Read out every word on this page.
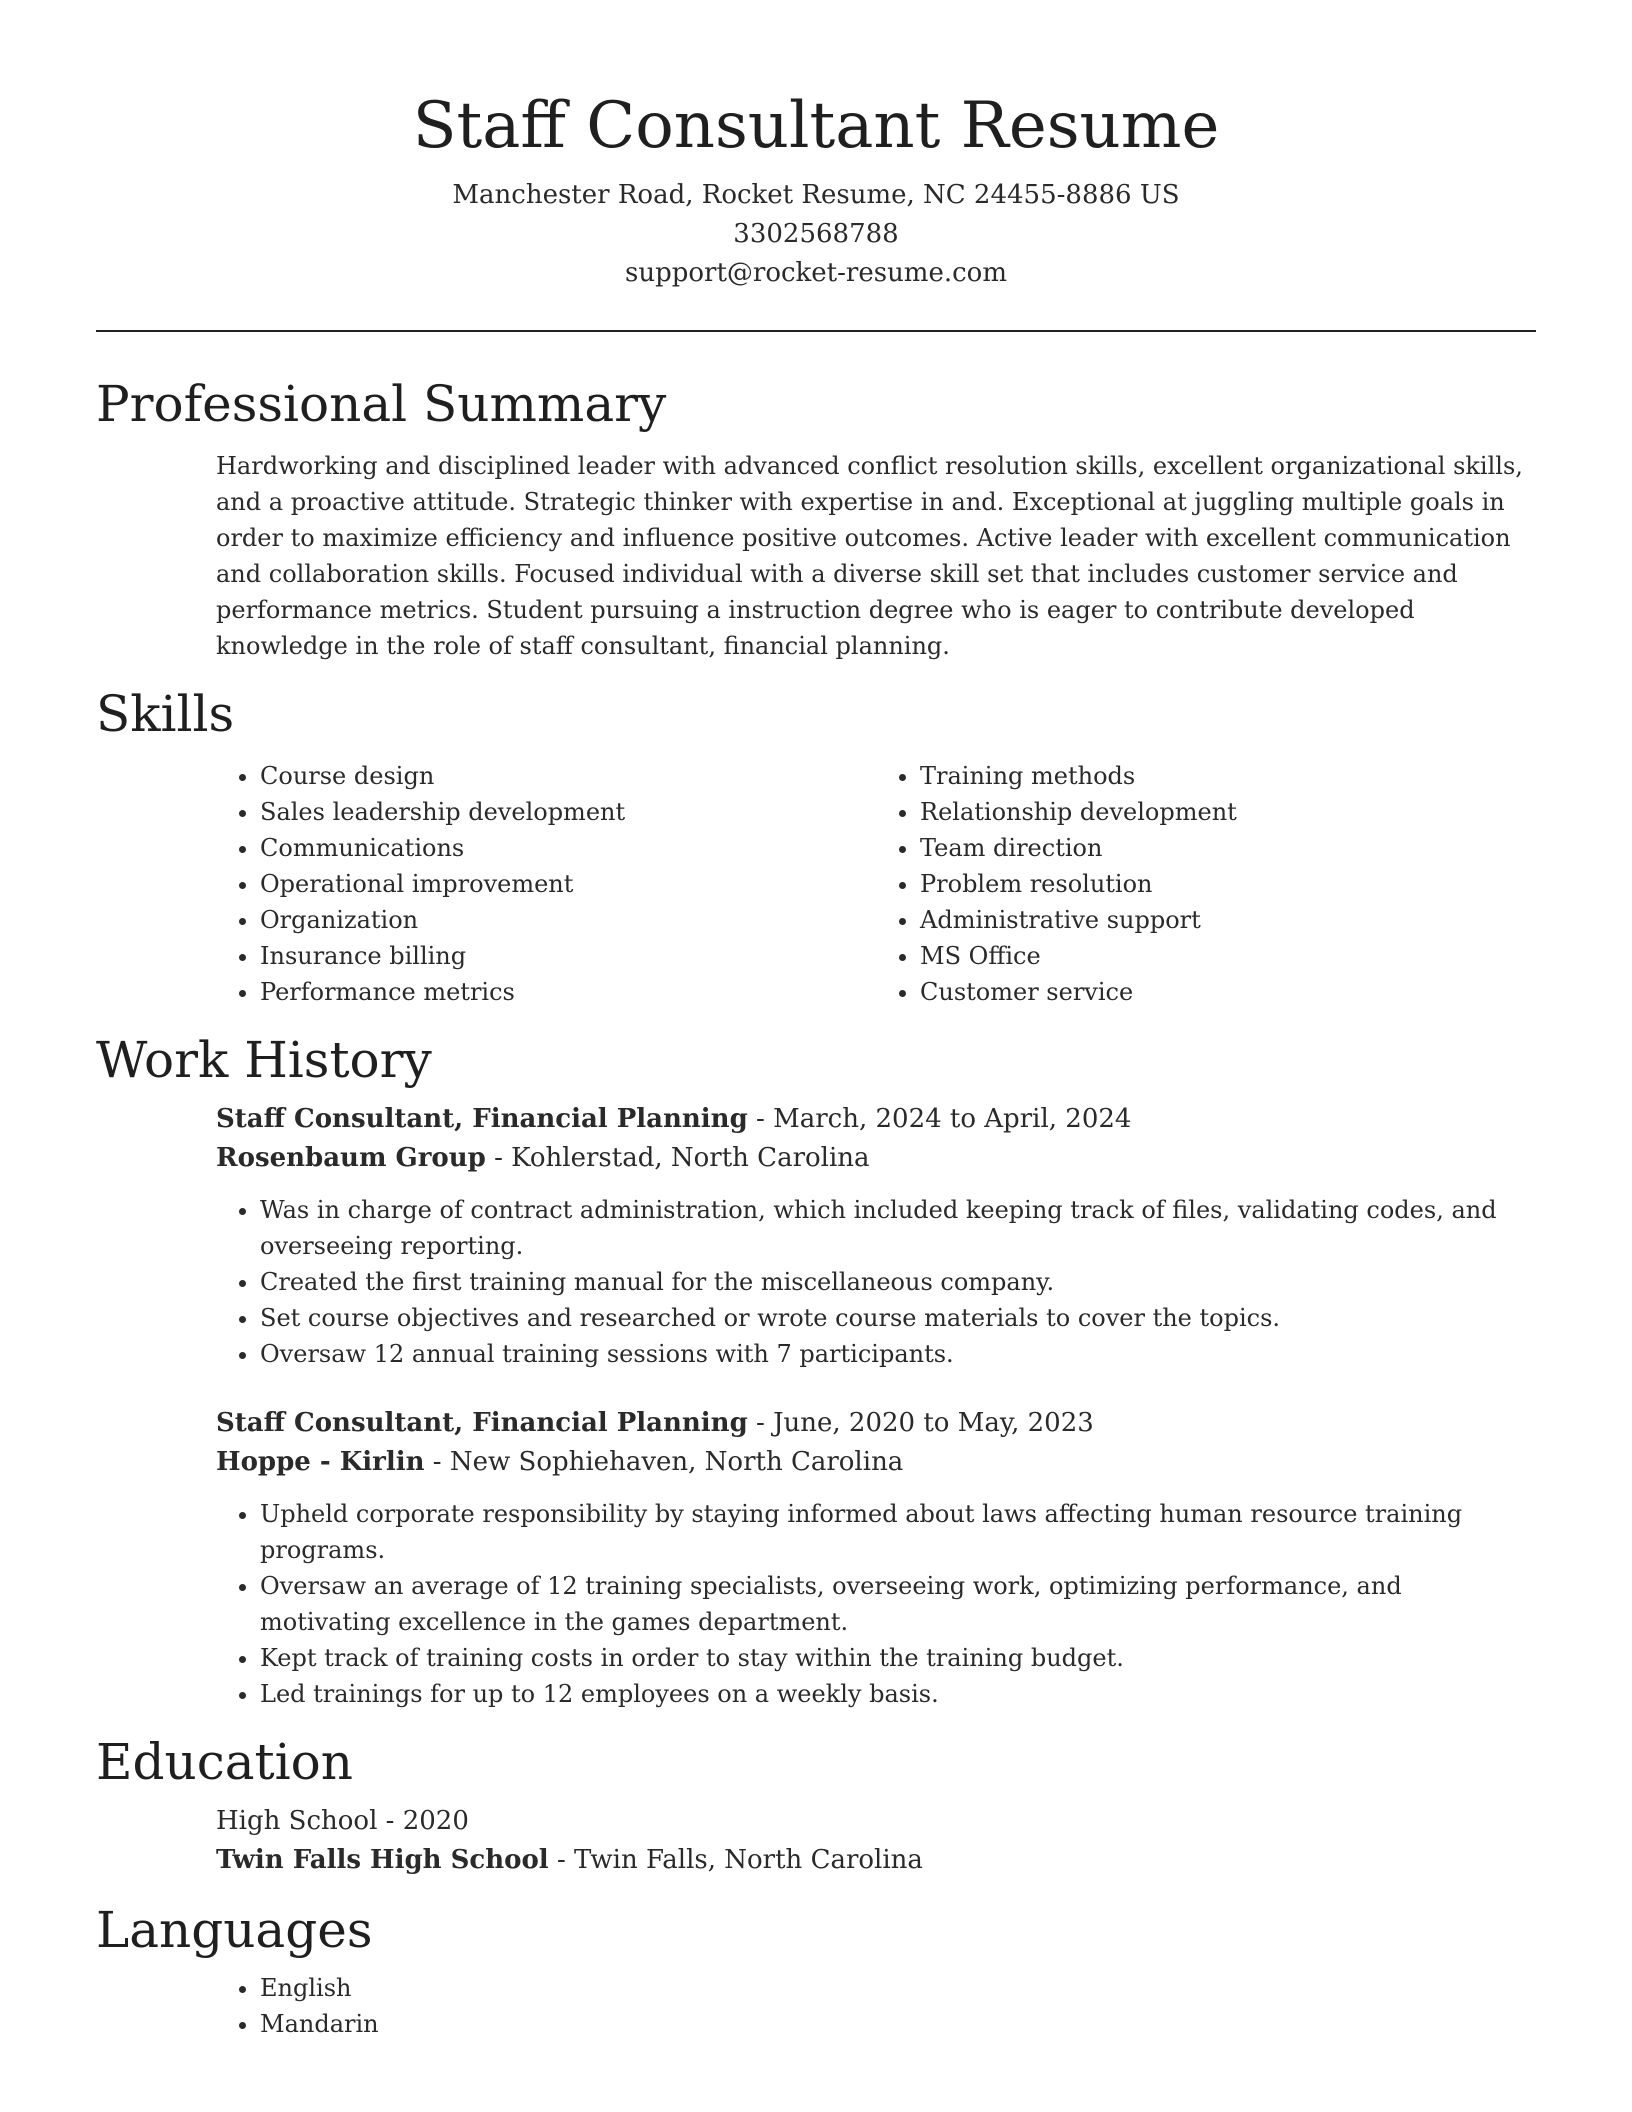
Staff Consultant Resume
Manchester Road, Rocket Resume, NC 24455-8886 US
3302568788
support@rocket-resume.com
Professional Summary

Hardworking and disciplined leader with advanced conflict resolution skills, excellent organizational skills, and a proactive attitude. Strategic thinker with expertise in and. Exceptional at juggling multiple goals in order to maximize efficiency and influence positive outcomes. Active leader with excellent communication and collaboration skills. Focused individual with a diverse skill set that includes customer service and performance metrics. Student pursuing a instruction degree who is eager to contribute developed knowledge in the role of staff consultant, financial planning.

Skills
• Course design
• Sales leadership development
• Communications
• Operational improvement
• Organization
• Insurance billing
• Performance metrics
• Training methods
• Relationship development
• Team direction
• Problem resolution
• Administrative support
• MS Office
• Customer service
Work History
Staff Consultant, Financial Planning - March, 2024 to April, 2024
Rosenbaum Group - Kohlerstad, North Carolina
• Was in charge of contract administration, which included keeping track of files, validating codes, and overseeing reporting.
• Created the first training manual for the miscellaneous company.
• Set course objectives and researched or wrote course materials to cover the topics.
• Oversaw 12 annual training sessions with 7 participants.
Staff Consultant, Financial Planning - June, 2020 to May, 2023
Hoppe - Kirlin - New Sophiehaven, North Carolina
• Upheld corporate responsibility by staying informed about laws affecting human resource training programs.
• Oversaw an average of 12 training specialists, overseeing work, optimizing performance, and motivating excellence in the games department.
• Kept track of training costs in order to stay within the training budget.
• Led trainings for up to 12 employees on a weekly basis.
Education
High School - 2020
Twin Falls High School - Twin Falls, North Carolina
Languages
• English
• Mandarin
